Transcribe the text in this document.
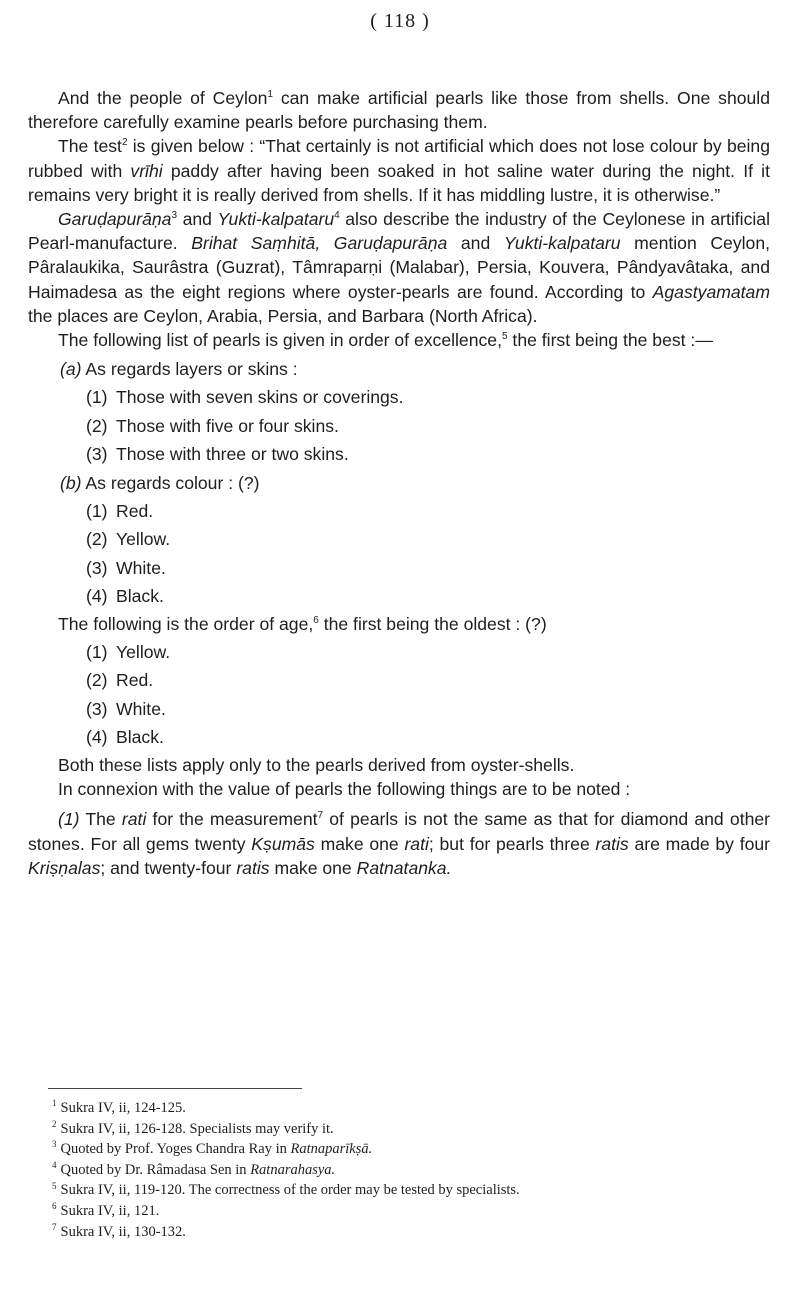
( 118 )

And the people of Ceylon$^1$ can make artificial pearls like those from shells. One should therefore carefully examine pearls before purchasing them.

The test$^2$ is given below : “That certainly is not artificial which does not lose colour by being rubbed with vrīhi paddy after having been soaked in hot saline water during the night. If it remains very bright it is really derived from shells. If it has middling lustre, it is otherwise.”

Garuḍapurāṇa$^3$ and Yukti-kalpataru$^4$ also describe the industry of the Ceylonese in artificial Pearl-manufacture. Brihat Saṃhitā, Garuḍapurāṇa and Yukti-kalpataru mention Ceylon, Pâralaukika, Saurâstra (Guzrat), Tâmraparṇi (Malabar), Persia, Kouvera, Pândyavâtaka, and Haimadesa as the eight regions where oyster-pearls are found. According to Agastyamatam the places are Ceylon, Arabia, Persia, and Barbara (North Africa).

The following list of pearls is given in order of excellence,$^5$ the first being the best :—

(a) As regards layers or skins :

(1) Those with seven skins or coverings.
(2) Those with five or four skins.
(3) Those with three or two skins.

(b) As regards colour : (?)

(1) Red.
(2) Yellow.
(3) White.
(4) Black.

The following is the order of age,$^6$ the first being the oldest : (?)

(1) Yellow.
(2) Red.
(3) White.
(4) Black.

Both these lists apply only to the pearls derived from oyster-shells.

In connexion with the value of pearls the following things are to be noted :

(1) The rati for the measurement$^7$ of pearls is not the same as that for diamond and other stones. For all gems twenty Kṣumās make one rati; but for pearls three ratis are made by four Kriṣṇalas; and twenty-four ratis make one Ratnatanka.

$^1$ Sukra IV, ii, 124-125.
$^2$ Sukra IV, ii, 126-128. Specialists may verify it.
$^3$ Quoted by Prof. Yoges Chandra Ray in Ratnaparīkṣā.
$^4$ Quoted by Dr. Râmadasa Sen in Ratnarahasya.
$^5$ Sukra IV, ii, 119-120. The correctness of the order may be tested by specialists.
$^6$ Sukra IV, ii, 121.
$^7$ Sukra IV, ii, 130-132.
